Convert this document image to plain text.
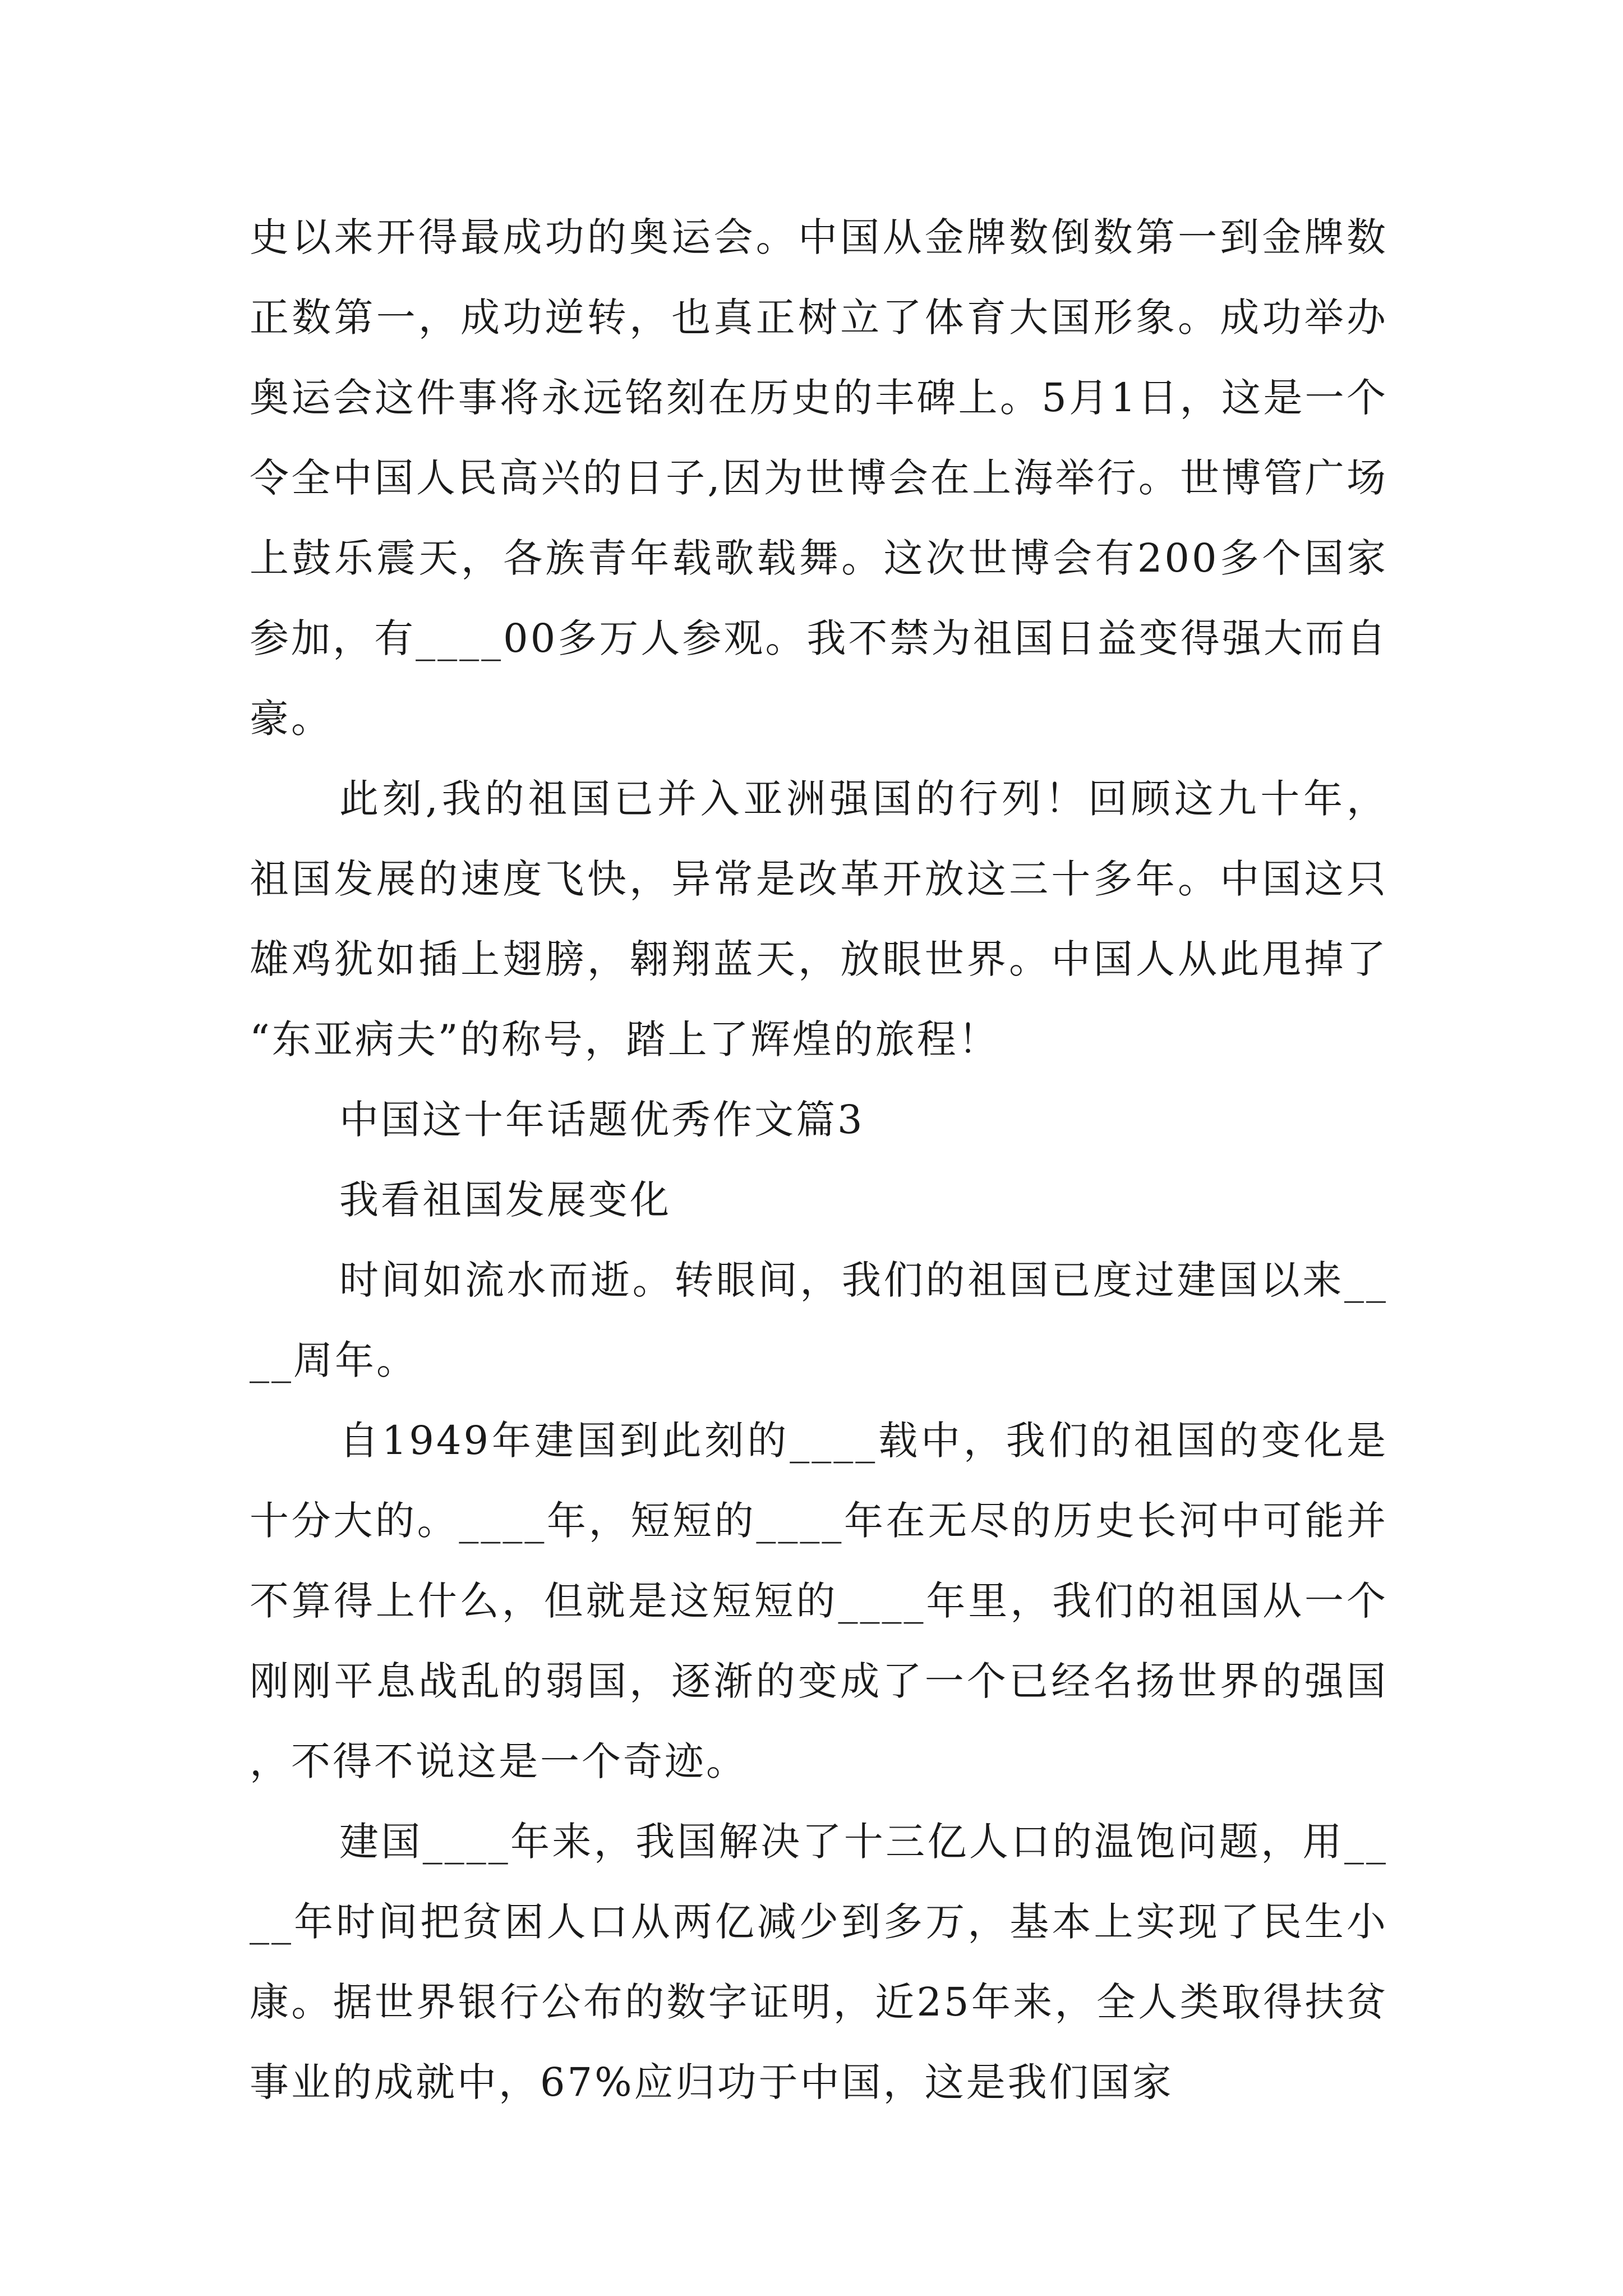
史以来开得最成功的奥运会。中国从金牌数倒数第一到金牌数正数第一，成功逆转，也真正树立了体育大国形象。成功举办奥运会这件事将永远铭刻在历史的丰碑上。5月1日，这是一个令全中国人民高兴的日子,因为世博会在上海举行。世博管广场上鼓乐震天，各族青年载歌载舞。这次世博会有200多个国家参加，有____00多万人参观。我不禁为祖国日益变得强大而自豪。

此刻,我的祖国已并入亚洲强国的行列！回顾这九十年，祖国发展的速度飞快，异常是改革开放这三十多年。中国这只雄鸡犹如插上翅膀，翱翔蓝天，放眼世界。中国人从此甩掉了“东亚病夫”的称号，踏上了辉煌的旅程！

中国这十年话题优秀作文篇3

我看祖国发展变化

时间如流水而逝。转眼间，我们的祖国已度过建国以来____周年。

自1949年建国到此刻的____载中，我们的祖国的变化是十分大的。____年，短短的____年在无尽的历史长河中可能并不算得上什么，但就是这短短的____年里，我们的祖国从一个刚刚平息战乱的弱国，逐渐的变成了一个已经名扬世界的强国，不得不说这是一个奇迹。

建国____年来，我国解决了十三亿人口的温饱问题，用____年时间把贫困人口从两亿减少到多万，基本上实现了民生小康。据世界银行公布的数字证明，近25年来，全人类取得扶贫事业的成就中，67%应归功于中国，这是我们国家
